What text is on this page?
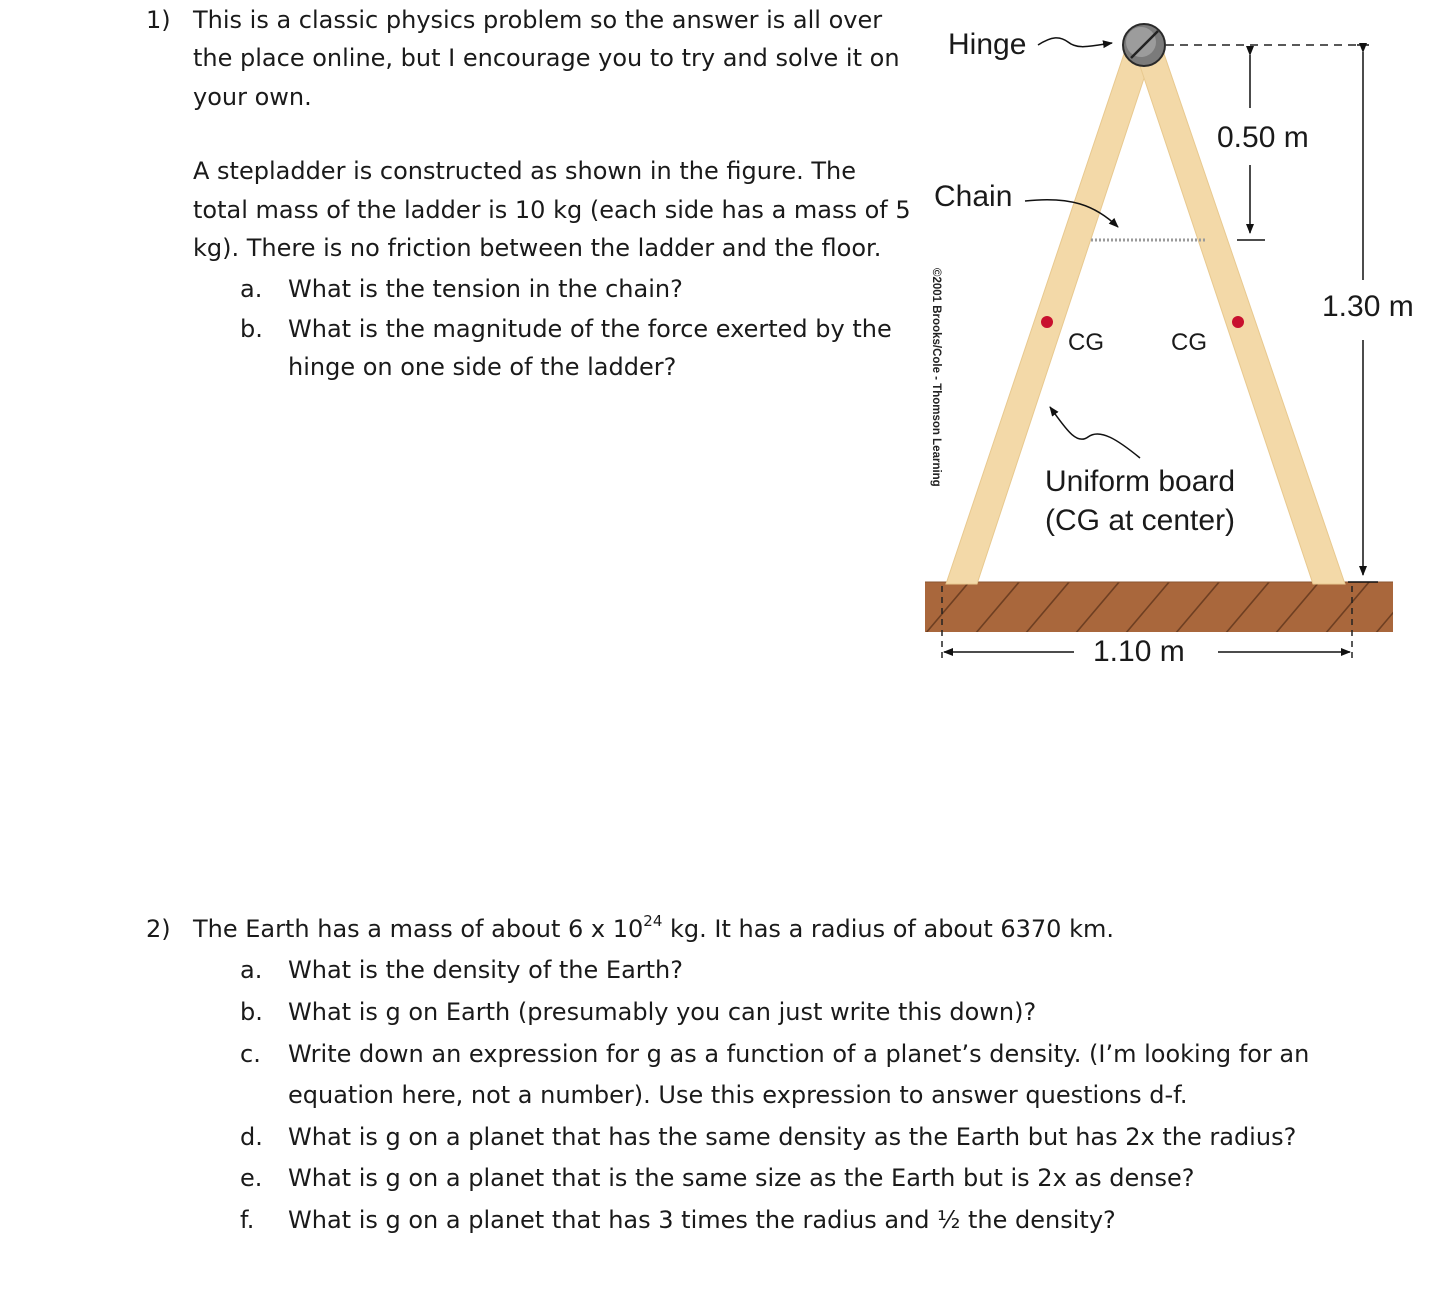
1) This is a classic physics problem so the answer is all over
the place online, but I encourage you to try and solve it on
your own.
A stepladder is constructed as shown in the figure. The
total mass of the ladder is 10 kg (each side has a mass of 5
kg). There is no friction between the ladder and the floor.
a. What is the tension in the chain?
b. What is the magnitude of the force exerted by the
hinge on one side of the ladder?	©2001 Brooks/Cole - Thomson Learning
Hinge
Chain
0.50 m
1.30 m
CG	CG
Uniform board
(CG at center)
1.10 m
2) The Earth has a mass of about 6 x $10^{24}$ kg. It has a radius of about 6370 km.
a. What is the density of the Earth?
b. What is g on Earth (presumably you can just write this down)?
c. Write down an expression for g as a function of a planet’s density. (I’m looking for an
equation here, not a number). Use this expression to answer questions d-f.
d. What is g on a planet that has the same density as the Earth but has 2x the radius?
e. What is g on a planet that is the same size as the Earth but is 2x as dense?
f. What is g on a planet that has 3 times the radius and ½ the density?
